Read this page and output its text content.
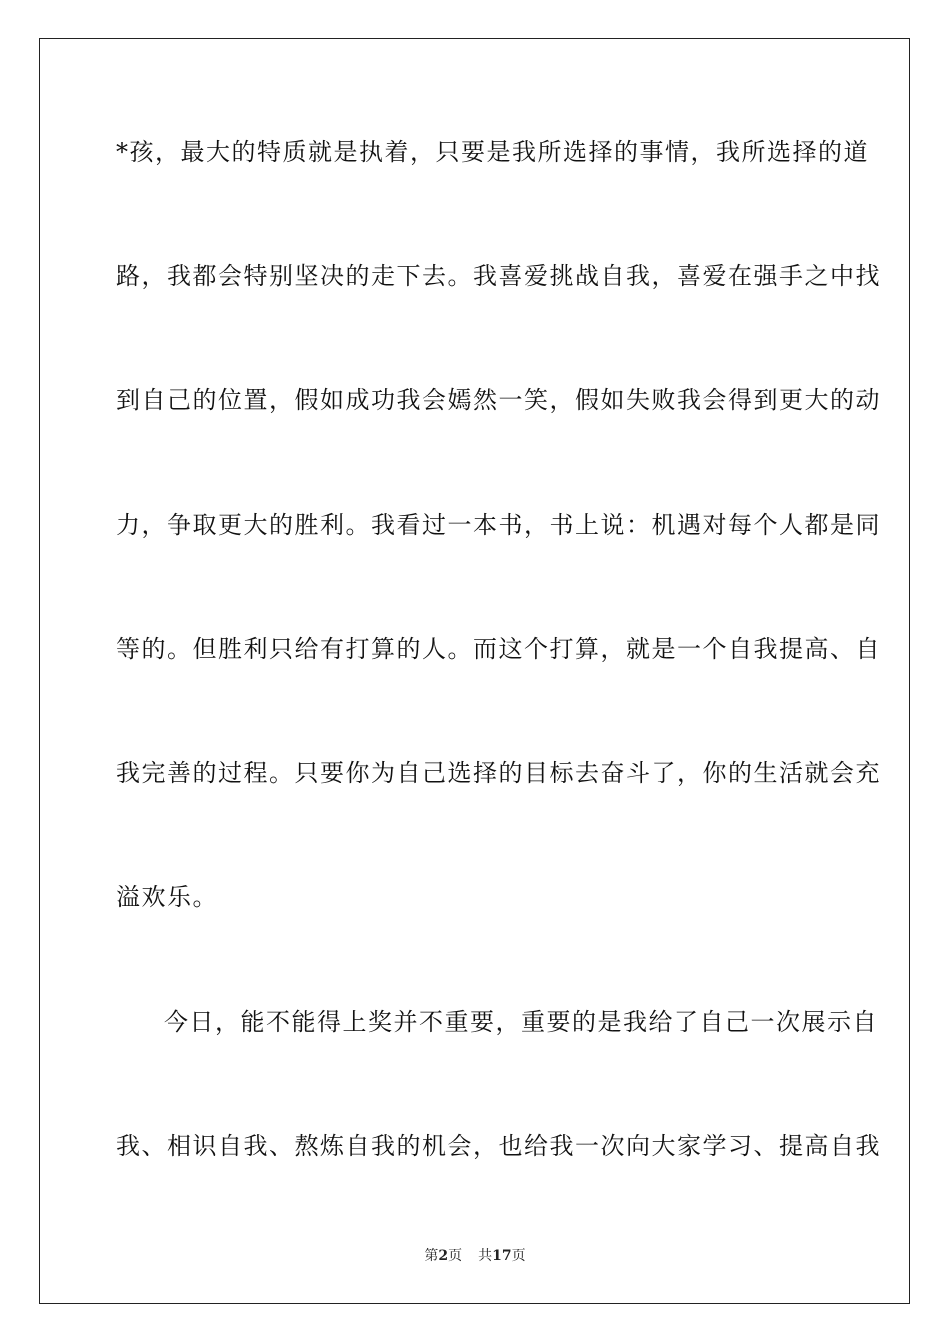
*孩，最大的特质就是执着，只要是我所选择的事情，我所选择的道
路，我都会特别坚决的走下去。我喜爱挑战自我，喜爱在强手之中找
到自己的位置，假如成功我会嫣然一笑，假如失败我会得到更大的动
力，争取更大的胜利。我看过一本书，书上说：机遇对每个人都是同
等的。但胜利只给有打算的人。而这个打算，就是一个自我提高、自
我完善的过程。只要你为自己选择的目标去奋斗了，你的生活就会充
溢欢乐。
今日，能不能得上奖并不重要，重要的是我给了自己一次展示自
我、相识自我、熬炼自我的机会，也给我一次向大家学习、提高自我
第2页 共17页
